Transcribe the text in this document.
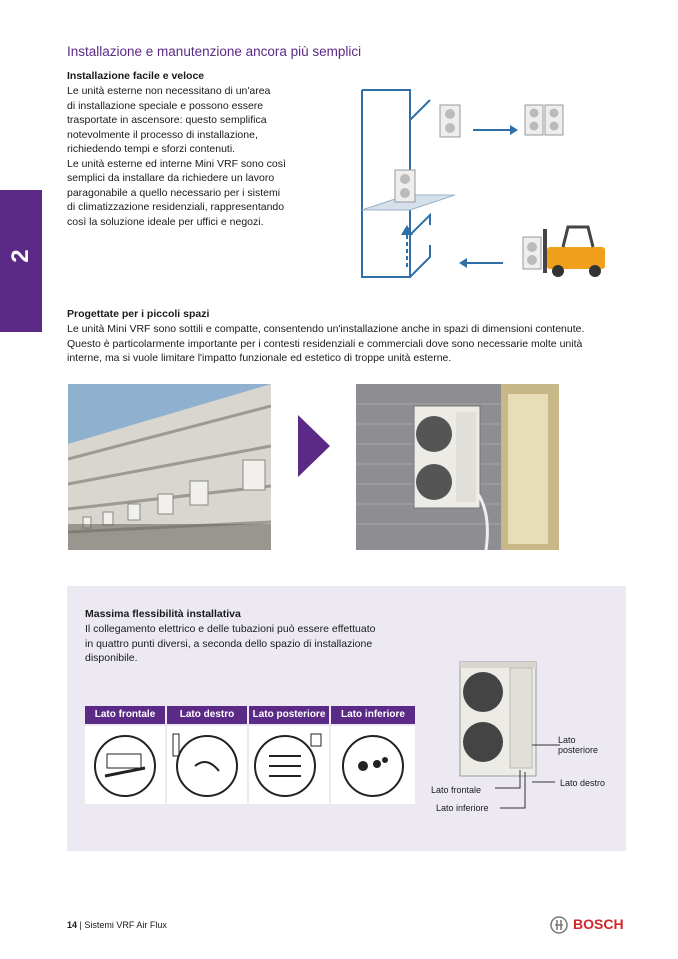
2
Installazione e manutenzione ancora più semplici
Installazione facile e veloce
Le unità esterne non necessitano di un'area
di installazione speciale e possono essere
trasportate in ascensore: questo semplifica
notevolmente il processo di installazione,
richiedendo tempi e sforzi contenuti.
Le unità esterne ed interne Mini VRF sono così
semplici da installare da richiedere un lavoro
paragonabile a quello necessario per i sistemi
di climatizzazione residenziali, rappresentando
così la soluzione ideale per uffici e negozi.
Progettate per i piccoli spazi
Le unità Mini VRF sono sottili e compatte, consentendo un'installazione anche in spazi di dimensioni contenute.
Questo è particolarmente importante per i contesti residenziali e commerciali dove sono necessarie molte unità
interne, ma si vuole limitare l'impatto funzionale ed estetico di troppe unità esterne.
Massima flessibilità installativa
Il collegamento elettrico e delle tubazioni può essere effettuato
in quattro punti diversi, a seconda dello spazio di installazione
disponibile.
Lato frontale	Lato destro	Lato posteriore	Lato inferiore
Lato
posteriore
Lato destro
Lato frontale
Lato inferiore
14 | Sistemi VRF Air Flux	BOSCH
